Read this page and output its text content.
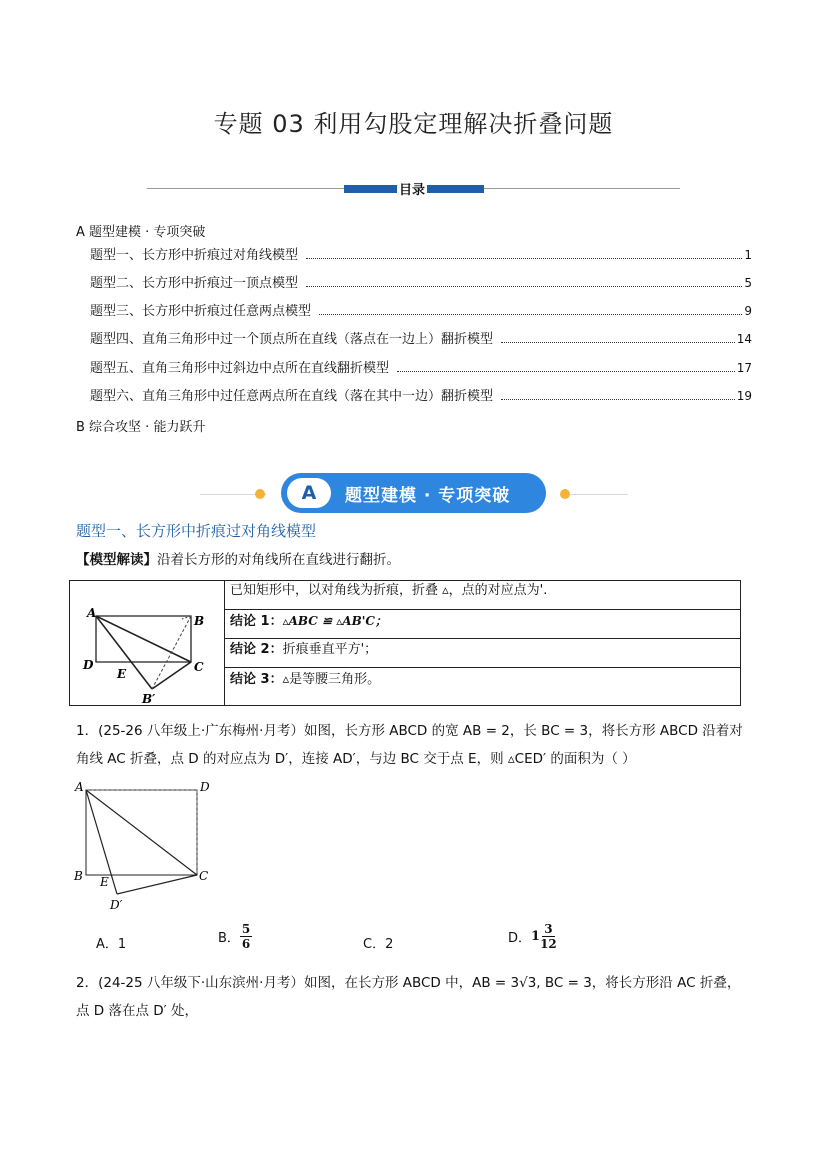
专题 03 利用勾股定理解决折叠问题
目录
A 题型建模 · 专项突破
题型一、长方形中折痕过对角线模型	1
题型二、长方形中折痕过一顶点模型	5
题型三、长方形中折痕过任意两点模型	9
题型四、直角三角形中过一个顶点所在直线（落点在一边上）翻折模型	14
题型五、直角三角形中过斜边中点所在直线翻折模型	17
题型六、直角三角形中过任意两点所在直线（落在其中一边）翻折模型	19
B 综合攻坚 · 能力跃升
A	题型建模 · 专项突破
题型一、长方形中折痕过对角线模型
【模型解读】沿着长方形的对角线所在直线进行翻折。
A
B
C
D
E
B′
已知矩形中，以对角线为折痕，折叠 ▵，点的对应点为'.
结论 1：▵ABC ≌ ▵AB'C；
结论 2：折痕垂直平方'；
结论 3：▵是等腰三角形。
1．(25-26 八年级上·广东梅州·月考）如图，长方形 ABCD 的宽 AB = 2，长 BC = 3，将长方形 ABCD 沿着对
角线 AC 折叠，点 D 的对应点为 D′，连接 AD′，与边 BC 交于点 E，则 ▵CED′ 的面积为（ ）
A	D
B	C
E
D′
A．1	B． $\frac{5}{6}$	C．2	D． $1 \frac{3}{12}$
2．(24-25 八年级下·山东滨州·月考）如图，在长方形 ABCD 中，AB = 3√3, BC = 3，将长方形沿 AC 折叠，
点 D 落在点 D′ 处，
